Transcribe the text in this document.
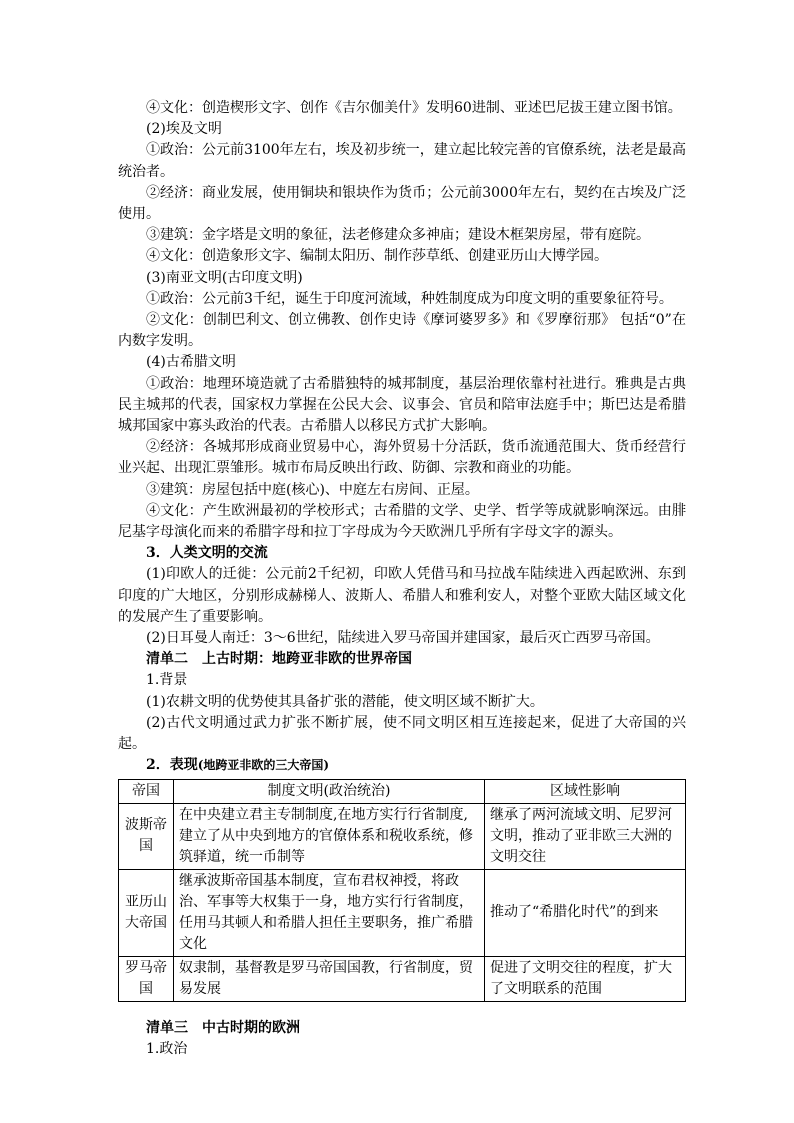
④文化：创造楔形文字、创作《吉尔伽美什》发明60进制、亚述巴尼拔王建立图书馆。

(2)埃及文明

①政治：公元前3100年左右，埃及初步统一，建立起比较完善的官僚系统，法老是最高统治者。

②经济：商业发展，使用铜块和银块作为货币；公元前3000年左右，契约在古埃及广泛使用。

③建筑：金字塔是文明的象征，法老修建众多神庙；建设木框架房屋，带有庭院。

④文化：创造象形文字、编制太阳历、制作莎草纸、创建亚历山大博学园。

(3)南亚文明(古印度文明)

①政治：公元前3千纪，诞生于印度河流域，种姓制度成为印度文明的重要象征符号。

②文化：创制巴利文、创立佛教、创作史诗《摩诃婆罗多》和《罗摩衍那》 包括“0”在内数字发明。

(4)古希腊文明

①政治：地理环境造就了古希腊独特的城邦制度，基层治理依靠村社进行。雅典是古典民主城邦的代表，国家权力掌握在公民大会、议事会、官员和陪审法庭手中；斯巴达是希腊城邦国家中寡头政治的代表。古希腊人以移民方式扩大影响。

②经济：各城邦形成商业贸易中心，海外贸易十分活跃，货币流通范围大、货币经营行业兴起、出现汇票雏形。城市布局反映出行政、防御、宗教和商业的功能。

③建筑：房屋包括中庭(核心)、中庭左右房间、正屋。

④文化：产生欧洲最初的学校形式；古希腊的文学、史学、哲学等成就影响深远。由腓尼基字母演化而来的希腊字母和拉丁字母成为今天欧洲几乎所有字母文字的源头。

3．人类文明的交流

(1)印欧人的迁徙：公元前2千纪初，印欧人凭借马和马拉战车陆续进入西起欧洲、东到印度的广大地区，分别形成赫梯人、波斯人、希腊人和雅利安人，对整个亚欧大陆区域文化的发展产生了重要影响。

(2)日耳曼人南迁：3～6世纪，陆续进入罗马帝国并建国家，最后灭亡西罗马帝国。

清单二 上古时期：地跨亚非欧的世界帝国

1.背景

(1)农耕文明的优势使其具备扩张的潜能，使文明区域不断扩大。

(2)古代文明通过武力扩张不断扩展，使不同文明区相互连接起来，促进了大帝国的兴起。

2．表现(地跨亚非欧的三大帝国)

帝国	制度文明(政治统治)	区域性影响
波斯帝国	在中央建立君主专制制度,在地方实行行省制度,建立了从中央到地方的官僚体系和税收系统，修筑驿道，统一币制等	继承了两河流域文明、尼罗河文明，推动了亚非欧三大洲的文明交往
亚历山大帝国	继承波斯帝国基本制度，宣布君权神授，将政治、军事等大权集于一身，地方实行行省制度，任用马其顿人和希腊人担任主要职务，推广希腊文化	推动了“希腊化时代”的到来
罗马帝国	奴隶制，基督教是罗马帝国国教，行省制度，贸易发展	促进了文明交往的程度，扩大了文明联系的范围

清单三 中古时期的欧洲

1.政治
